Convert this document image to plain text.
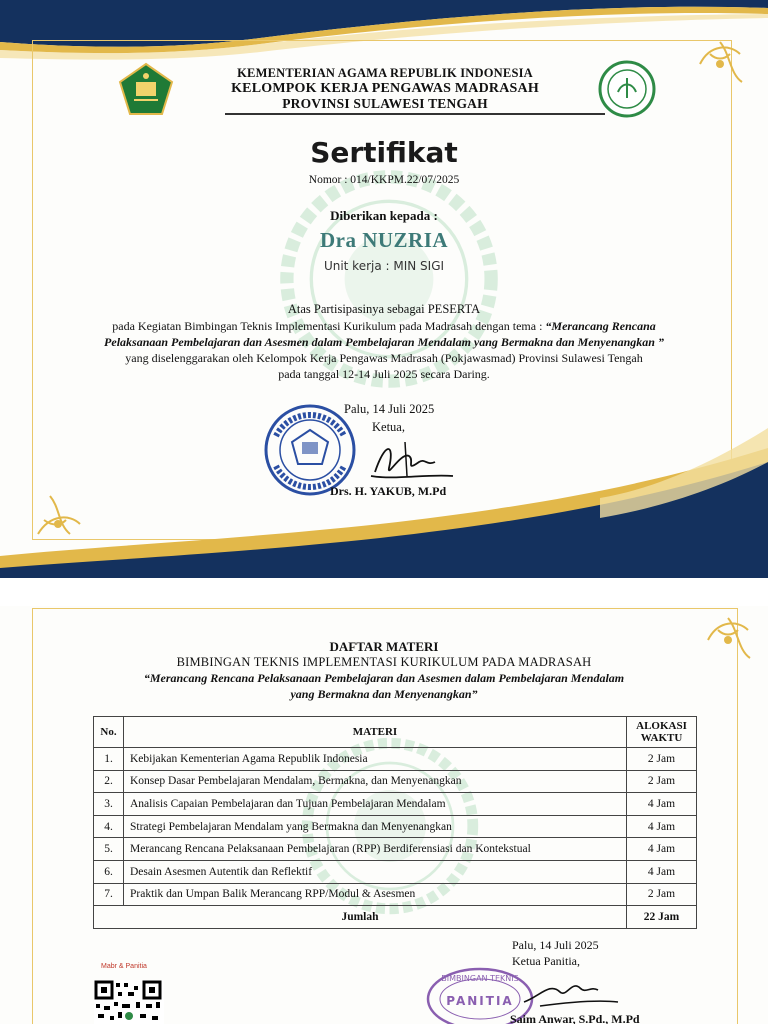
KEMENTERIAN AGAMA REPUBLIK INDONESIA
KELOMPOK KERJA PENGAWAS MADRASAH
PROVINSI SULAWESI TENGAH
Sertifikat
Nomor : 014/KKPM.22/07/2025
Diberikan kepada :
Dra NUZRIA
Unit kerja : MIN SIGI
Atas Partisipasinya sebagai PESERTA
pada Kegiatan Bimbingan Teknis Implementasi Kurikulum pada Madrasah dengan tema : “Merancang Rencana
Pelaksanaan Pembelajaran dan Asesmen dalam Pembelajaran Mendalam yang Bermakna dan Menyenangkan ”
yang diselenggarakan oleh Kelompok Kerja Pengawas Madrasah (Pokjawasmad) Provinsi Sulawesi Tengah
pada tanggal 12-14 Juli 2025 secara Daring.
Palu, 14 Juli 2025
Ketua,
Drs. H. YAKUB, M.Pd
DAFTAR MATERI
BIMBINGAN TEKNIS IMPLEMENTASI KURIKULUM PADA MADRASAH
“Merancang Rencana Pelaksanaan Pembelajaran dan Asesmen dalam Pembelajaran Mendalam
yang Bermakna dan Menyenangkan”
No.	MATERI	ALOKASI
WAKTU

1.	Kebijakan Kementerian Agama Republik Indonesia	2 Jam
2.	Konsep Dasar Pembelajaran Mendalam, Bermakna, dan Menyenangkan	2 Jam
3.	Analisis Capaian Pembelajaran dan Tujuan Pembelajaran Mendalam	4 Jam
4.	Strategi Pembelajaran Mendalam yang Bermakna dan Menyenangkan	4 Jam
5.	Merancang Rencana Pelaksanaan Pembelajaran (RPP) Berdiferensiasi dan Kontekstual	4 Jam
6.	Desain Asesmen Autentik dan Reflektif	4 Jam
7.	Praktik dan Umpan Balik Merancang RPP/Modul & Asesmen	2 Jam
Jumlah		22 Jam
Palu, 14 Juli 2025
Ketua Panitia,
BIMBINGAN TEKNIS
PANITIA
Saim Anwar, S.Pd., M.Pd
Mabr & Panitia
